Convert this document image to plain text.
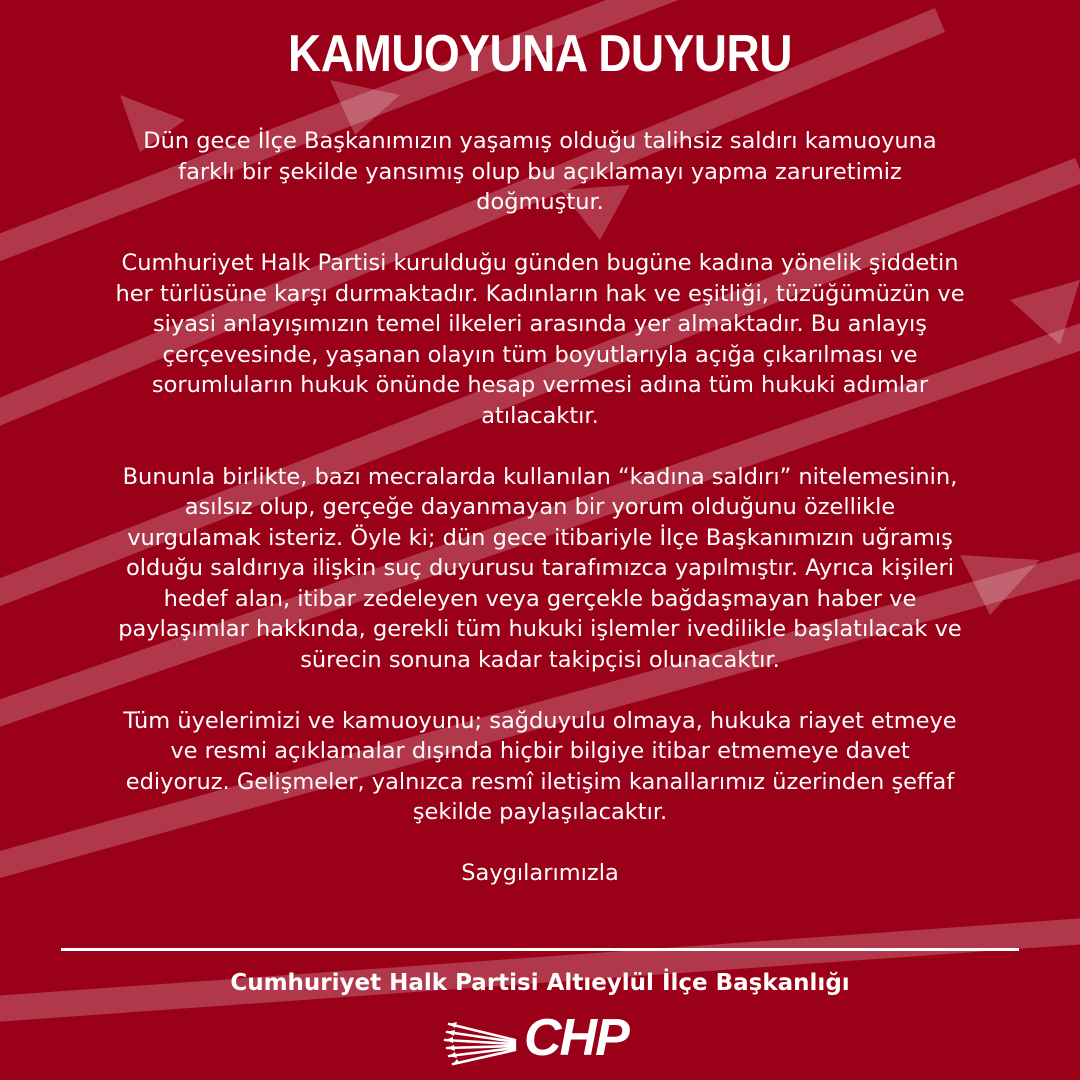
KAMUOYUNA DUYURU

Dün gece İlçe Başkanımızın yaşamış olduğu talihsiz saldırı kamuoyuna
farklı bir şekilde yansımış olup bu açıklamayı yapma zaruretimiz
doğmuştur.

Cumhuriyet Halk Partisi kurulduğu günden bugüne kadına yönelik şiddetin
her türlüsüne karşı durmaktadır. Kadınların hak ve eşitliği, tüzüğümüzün ve
siyasi anlayışımızın temel ilkeleri arasında yer almaktadır. Bu anlayış
çerçevesinde, yaşanan olayın tüm boyutlarıyla açığa çıkarılması ve
sorumluların hukuk önünde hesap vermesi adına tüm hukuki adımlar
atılacaktır.

Bununla birlikte, bazı mecralarda kullanılan “kadına saldırı” nitelemesinin,
asılsız olup, gerçeğe dayanmayan bir yorum olduğunu özellikle
vurgulamak isteriz. Öyle ki; dün gece itibariyle İlçe Başkanımızın uğramış
olduğu saldırıya ilişkin suç duyurusu tarafımızca yapılmıştır. Ayrıca kişileri
hedef alan, itibar zedeleyen veya gerçekle bağdaşmayan haber ve
paylaşımlar hakkında, gerekli tüm hukuki işlemler ivedilikle başlatılacak ve
sürecin sonuna kadar takipçisi olunacaktır.

Tüm üyelerimizi ve kamuoyunu; sağduyulu olmaya, hukuka riayet etmeye
ve resmi açıklamalar dışında hiçbir bilgiye itibar etmemeye davet
ediyoruz. Gelişmeler, yalnızca resmî iletişim kanallarımız üzerinden şeffaf
şekilde paylaşılacaktır.

Saygılarımızla

Cumhuriyet Halk Partisi Altıeylül İlçe Başkanlığı
CHP
